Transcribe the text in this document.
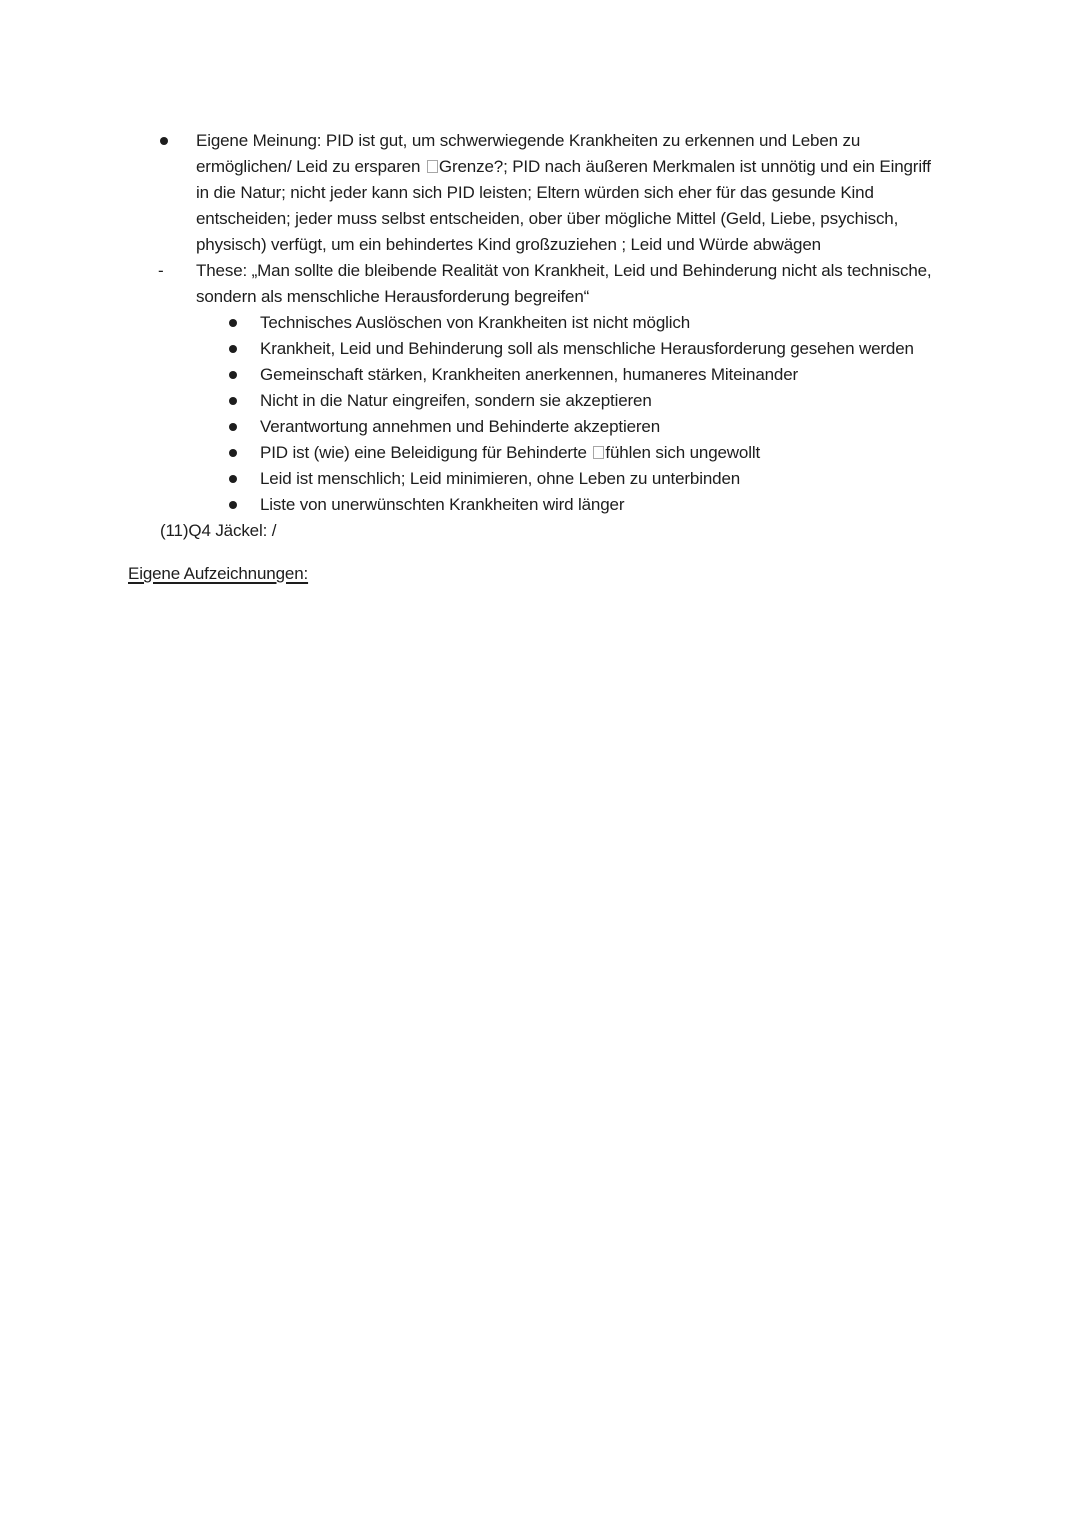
Eigene Meinung: PID ist gut, um schwerwiegende Krankheiten zu erkennen und Leben zu ermöglichen/ Leid zu ersparen Grenze?; PID nach äußeren Merkmalen ist unnötig und ein Eingriff in die Natur; nicht jeder kann sich PID leisten; Eltern würden sich eher für das gesunde Kind entscheiden; jeder muss selbst entscheiden, ober über mögliche Mittel (Geld, Liebe, psychisch, physisch) verfügt, um ein behindertes Kind großzuziehen ; Leid und Würde abwägen
- These: „Man sollte die bleibende Realität von Krankheit, Leid und Behinderung nicht als technische, sondern als menschliche Herausforderung begreifen“
Technisches Auslöschen von Krankheiten ist nicht möglich
Krankheit, Leid und Behinderung soll als menschliche Herausforderung gesehen werden
Gemeinschaft stärken, Krankheiten anerkennen, humaneres Miteinander
Nicht in die Natur eingreifen, sondern sie akzeptieren
Verantwortung annehmen und Behinderte akzeptieren
PID ist (wie) eine Beleidigung für Behinderte fühlen sich ungewollt
Leid ist menschlich; Leid minimieren, ohne Leben zu unterbinden
Liste von unerwünschten Krankheiten wird länger
(11)Q4 Jäckel: /
Eigene Aufzeichnungen:
